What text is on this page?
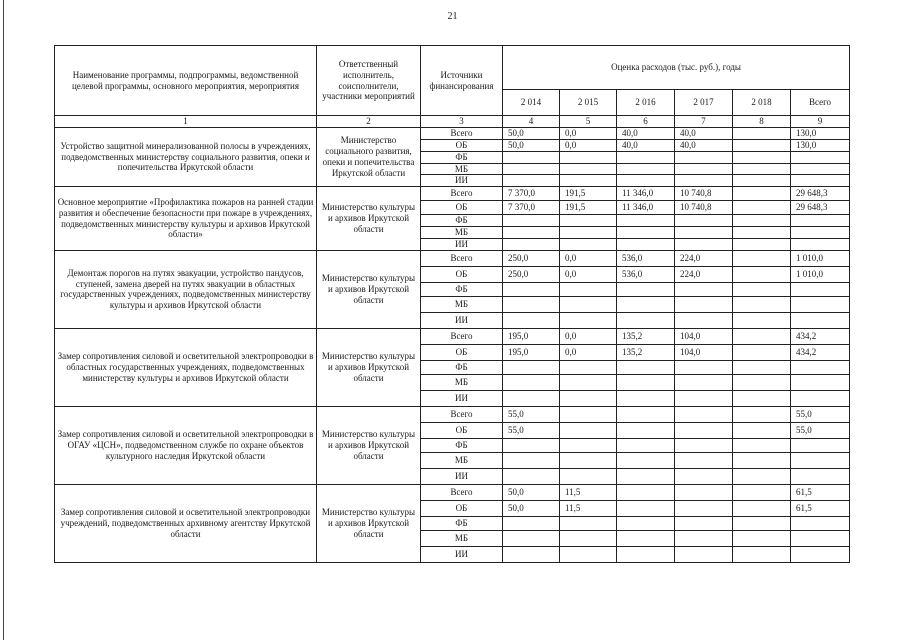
21
Наименование программы, подпрограммы, ведомственной целевой программы, основного мероприятия, мероприятия	Ответственный исполнитель, соисполнители, участники мероприятий	Источники финансирования	Оценка расходов (тыс. руб.), годы					
			2 014	2 015	2 016	2 017	2 018	Всего
1	2	3	4	5	6	7	8	9
Устройство защитной минерализованной полосы в учреждениях, подведомственных министерству социального развития, опеки и попечительства Иркутской области	Министерство социального развития, опеки и попечительства Иркутской области	Всего	50,0	0,0	40,0	40,0		130,0
		ОБ	50,0	0,0	40,0	40,0		130,0
		ФБ						
		МБ						
		ИИ						
Основное мероприятие «Профилактика пожаров на ранней стадии развития и обеспечение безопасности при пожаре в учреждениях, подведомственных министерству культуры и архивов Иркутской области»	Министерство культуры и архивов Иркутской области	Всего	7 370,0	191,5	11 346,0	10 740,8		29 648,3
		ОБ	7 370,0	191,5	11 346,0	10 740,8		29 648,3
		ФБ						
		МБ						
		ИИ						
Демонтаж порогов на путях эвакуации, устройство пандусов, ступеней, замена дверей на путях эвакуации в областных государственных учреждениях, подведомственных министерству культуры и архивов Иркутской области	Министерство культуры и архивов Иркутской области	Всего	250,0	0,0	536,0	224,0		1 010,0
		ОБ	250,0	0,0	536,0	224,0		1 010,0
		ФБ						
		МБ						
		ИИ						
Замер сопротивления силовой и осветительной электропроводки в областных государственных учреждениях, подведомственных министерству культуры и архивов Иркутской области	Министерство культуры и архивов Иркутской области	Всего	195,0	0,0	135,2	104,0		434,2
		ОБ	195,0	0,0	135,2	104,0		434,2
		ФБ						
		МБ						
		ИИ						
Замер сопротивления силовой и осветительной электропроводки в ОГАУ «ЦСН», подведомственном службе по охране объектов культурного наследия Иркутской области	Министерство культуры и архивов Иркутской области	Всего	55,0					55,0
		ОБ	55,0					55,0
		ФБ						
		МБ						
		ИИ						
Замер сопротивления силовой и осветительной электропроводки учреждений, подведомственных архивному агентству Иркутской области	Министерство культуры и архивов Иркутской области	Всего	50,0	11,5				61,5
		ОБ	50,0	11,5				61,5
		ФБ						
		МБ						
		ИИ						
